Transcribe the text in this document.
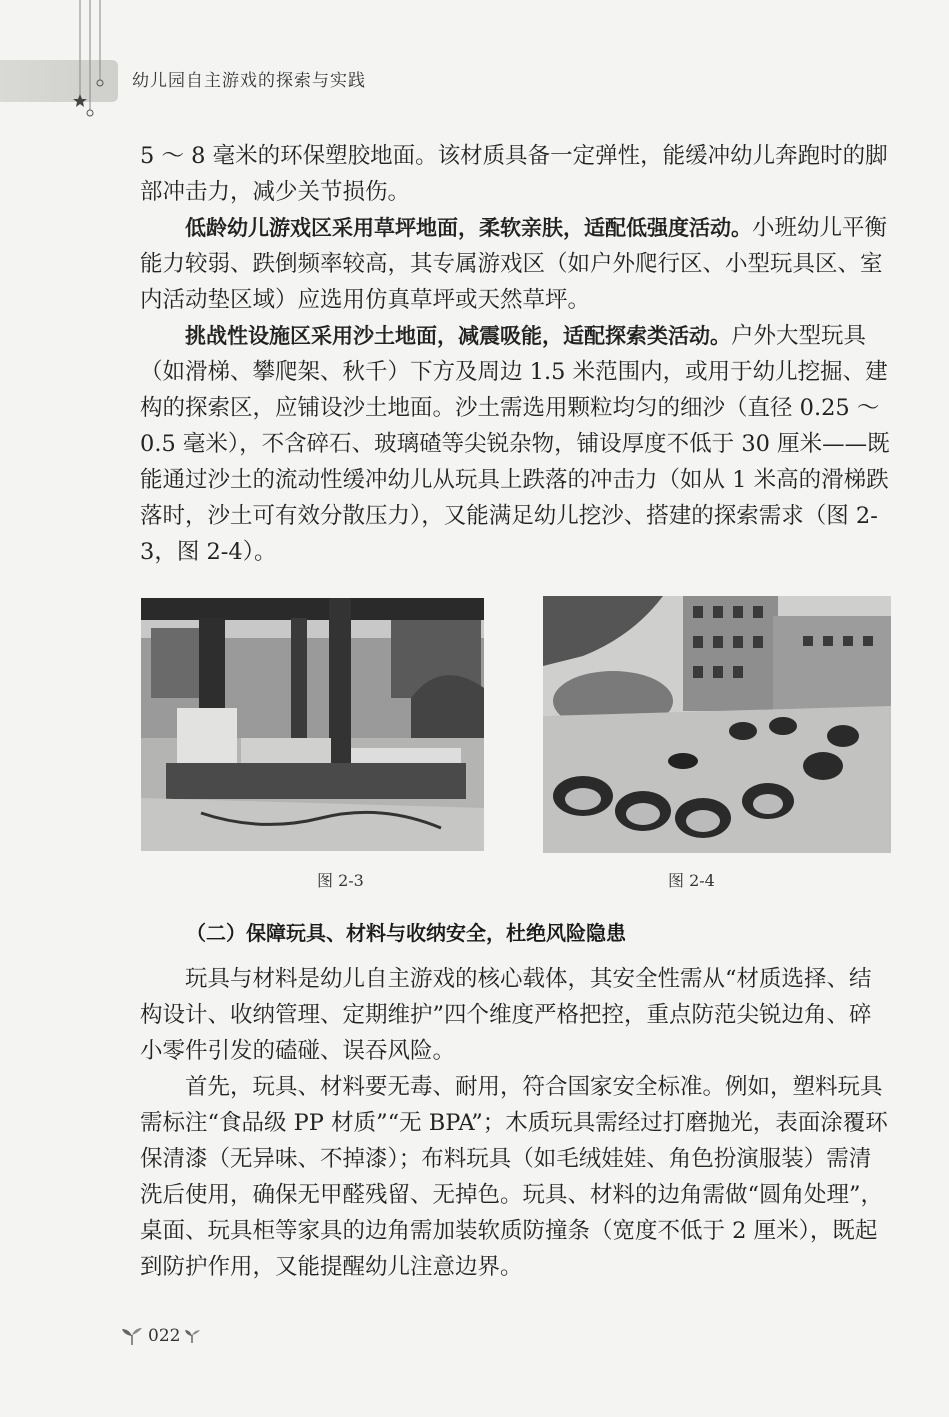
幼儿园自主游戏的探索与实践

5 ～ 8 毫米的环保塑胶地面。该材质具备一定弹性，能缓冲幼儿奔跑时的脚部冲击力，减少关节损伤。

低龄幼儿游戏区采用草坪地面，柔软亲肤，适配低强度活动。小班幼儿平衡能力较弱、跌倒频率较高，其专属游戏区（如户外爬行区、小型玩具区、室内活动垫区域）应选用仿真草坪或天然草坪。

挑战性设施区采用沙土地面，减震吸能，适配探索类活动。户外大型玩具（如滑梯、攀爬架、秋千）下方及周边 1.5 米范围内，或用于幼儿挖掘、建构的探索区，应铺设沙土地面。沙土需选用颗粒均匀的细沙（直径 0.25 ～ 0.5 毫米），不含碎石、玻璃碴等尖锐杂物，铺设厚度不低于 30 厘米——既能通过沙土的流动性缓冲幼儿从玩具上跌落的冲击力（如从 1 米高的滑梯跌落时，沙土可有效分散压力），又能满足幼儿挖沙、搭建的探索需求（图 2-3，图 2-4）。

图 2-3	图 2-4
（二）保障玩具、材料与收纳安全，杜绝风险隐患

玩具与材料是幼儿自主游戏的核心载体，其安全性需从“材质选择、结构设计、收纳管理、定期维护”四个维度严格把控，重点防范尖锐边角、碎小零件引发的磕碰、误吞风险。

首先，玩具、材料要无毒、耐用，符合国家安全标准。例如，塑料玩具需标注“食品级 PP 材质”“无 BPA”；木质玩具需经过打磨抛光，表面涂覆环保清漆（无异味、不掉漆）；布料玩具（如毛绒娃娃、角色扮演服装）需清洗后使用，确保无甲醛残留、无掉色。玩具、材料的边角需做“圆角处理”，桌面、玩具柜等家具的边角需加装软质防撞条（宽度不低于 2 厘米），既起到防护作用，又能提醒幼儿注意边界。

022
